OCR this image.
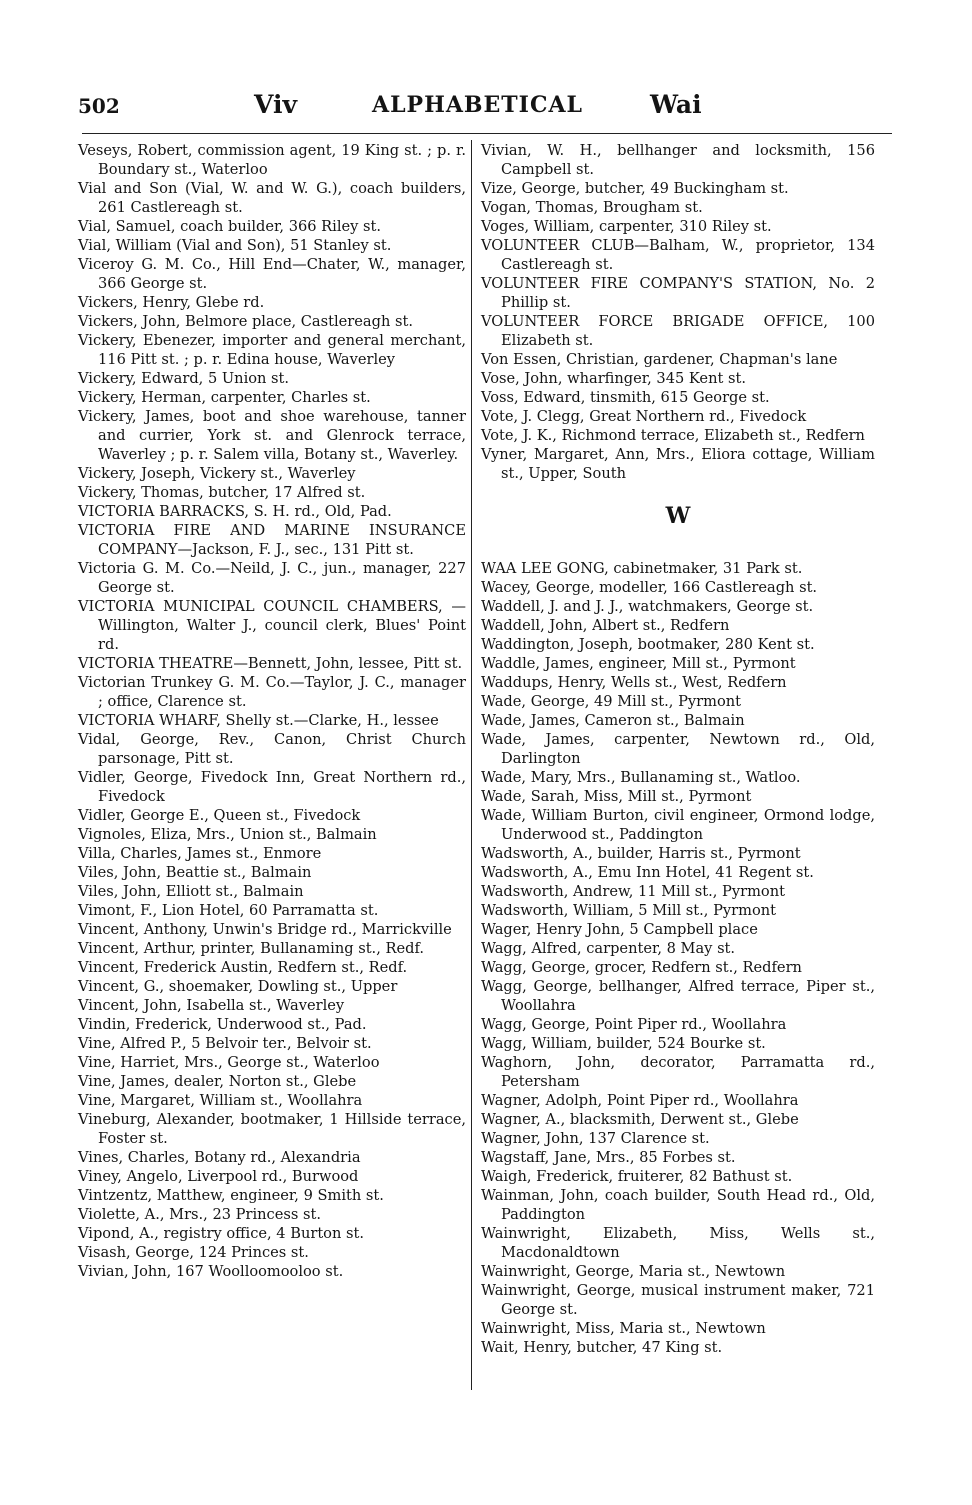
502	Viv	ALPHABETICAL	Wai
Veseys, Robert, commission agent, 19 King st. ; p. r. Boundary st., Waterloo
Vial and Son (Vial, W. and W. G.), coach builders, 261 Castlereagh st.
Vial, Samuel, coach builder, 366 Riley st.
Vial, William (Vial and Son), 51 Stanley st.
Viceroy G. M. Co., Hill End—Chater, W., manager, 366 George st.
Vickers, Henry, Glebe rd.
Vickers, John, Belmore place, Castlereagh st.
Vickery, Ebenezer, importer and general merchant, 116 Pitt st. ; p. r. Edina house, Waverley
Vickery, Edward, 5 Union st.
Vickery, Herman, carpenter, Charles st.
Vickery, James, boot and shoe warehouse, tanner and currier, York st. and Glenrock terrace, Waverley ; p. r. Salem villa, Botany st., Waverley.
Vickery, Joseph, Vickery st., Waverley
Vickery, Thomas, butcher, 17 Alfred st.
VICTORIA BARRACKS, S. H. rd., Old, Pad.
VICTORIA FIRE AND MARINE INSURANCE COMPANY—Jackson, F. J., sec., 131 Pitt st.
Victoria G. M. Co.—Neild, J. C., jun., manager, 227 George st.
VICTORIA MUNICIPAL COUNCIL CHAMBERS, —Willington, Walter J., council clerk, Blues' Point rd.
VICTORIA THEATRE—Bennett, John, lessee, Pitt st.
Victorian Trunkey G. M. Co.—Taylor, J. C., manager ; office, Clarence st.
VICTORIA WHARF, Shelly st.—Clarke, H., lessee
Vidal, George, Rev., Canon, Christ Church parsonage, Pitt st.
Vidler, George, Fivedock Inn, Great Northern rd., Fivedock
Vidler, George E., Queen st., Fivedock
Vignoles, Eliza, Mrs., Union st., Balmain
Villa, Charles, James st., Enmore
Viles, John, Beattie st., Balmain
Viles, John, Elliott st., Balmain
Vimont, F., Lion Hotel, 60 Parramatta st.
Vincent, Anthony, Unwin's Bridge rd., Marrickville
Vincent, Arthur, printer, Bullanaming st., Redf.
Vincent, Frederick Austin, Redfern st., Redf.
Vincent, G., shoemaker, Dowling st., Upper
Vincent, John, Isabella st., Waverley
Vindin, Frederick, Underwood st., Pad.
Vine, Alfred P., 5 Belvoir ter., Belvoir st.
Vine, Harriet, Mrs., George st., Waterloo
Vine, James, dealer, Norton st., Glebe
Vine, Margaret, William st., Woollahra
Vineburg, Alexander, bootmaker, 1 Hillside terrace, Foster st.
Vines, Charles, Botany rd., Alexandria
Viney, Angelo, Liverpool rd., Burwood
Vintzentz, Matthew, engineer, 9 Smith st.
Violette, A., Mrs., 23 Princess st.
Vipond, A., registry office, 4 Burton st.
Visash, George, 124 Princes st.
Vivian, John, 167 Woolloomooloo st.
Vivian, W. H., bellhanger and locksmith, 156 Campbell st.
Vize, George, butcher, 49 Buckingham st.
Vogan, Thomas, Brougham st.
Voges, William, carpenter, 310 Riley st.
VOLUNTEER CLUB—Balham, W., proprietor, 134 Castlereagh st.
VOLUNTEER FIRE COMPANY'S STATION, No. 2 Phillip st.
VOLUNTEER FORCE BRIGADE OFFICE, 100 Elizabeth st.
Von Essen, Christian, gardener, Chapman's lane
Vose, John, wharfinger, 345 Kent st.
Voss, Edward, tinsmith, 615 George st.
Vote, J. Clegg, Great Northern rd., Fivedock
Vote, J. K., Richmond terrace, Elizabeth st., Redfern
Vyner, Margaret, Ann, Mrs., Eliora cottage, William st., Upper, South
W
WAA LEE GONG, cabinetmaker, 31 Park st.
Wacey, George, modeller, 166 Castlereagh st.
Waddell, J. and J. J., watchmakers, George st.
Waddell, John, Albert st., Redfern
Waddington, Joseph, bootmaker, 280 Kent st.
Waddle, James, engineer, Mill st., Pyrmont
Waddups, Henry, Wells st., West, Redfern
Wade, George, 49 Mill st., Pyrmont
Wade, James, Cameron st., Balmain
Wade, James, carpenter, Newtown rd., Old, Darlington
Wade, Mary, Mrs., Bullanaming st., Watloo.
Wade, Sarah, Miss, Mill st., Pyrmont
Wade, William Burton, civil engineer, Ormond lodge, Underwood st., Paddington
Wadsworth, A., builder, Harris st., Pyrmont
Wadsworth, A., Emu Inn Hotel, 41 Regent st.
Wadsworth, Andrew, 11 Mill st., Pyrmont
Wadsworth, William, 5 Mill st., Pyrmont
Wager, Henry John, 5 Campbell place
Wagg, Alfred, carpenter, 8 May st.
Wagg, George, grocer, Redfern st., Redfern
Wagg, George, bellhanger, Alfred terrace, Piper st., Woollahra
Wagg, George, Point Piper rd., Woollahra
Wagg, William, builder, 524 Bourke st.
Waghorn, John, decorator, Parramatta rd., Petersham
Wagner, Adolph, Point Piper rd., Woollahra
Wagner, A., blacksmith, Derwent st., Glebe
Wagner, John, 137 Clarence st.
Wagstaff, Jane, Mrs., 85 Forbes st.
Waigh, Frederick, fruiterer, 82 Bathust st.
Wainman, John, coach builder, South Head rd., Old, Paddington
Wainwright, Elizabeth, Miss, Wells st., Macdonaldtown
Wainwright, George, Maria st., Newtown
Wainwright, George, musical instrument maker, 721 George st.
Wainwright, Miss, Maria st., Newtown
Wait, Henry, butcher, 47 King st.
